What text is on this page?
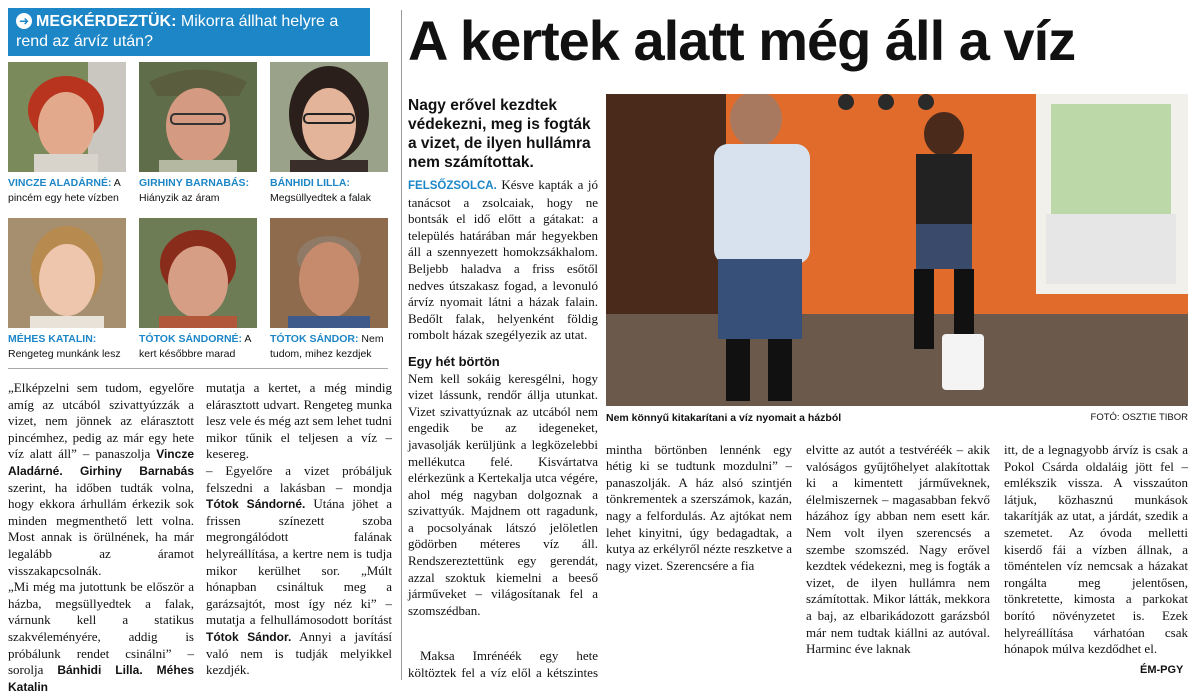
➜ MEGKÉRDEZTÜK: Mikorra állhat helyre a rend az árvíz után?
VINCZE ALADÁRNÉ: A pincém egy hete vízben
GIRHINY BARNABÁS: Hiányzik az áram
BÁNHIDI LILLA: Megsüllyedtek a falak
MÉHES KATALIN: Rengeteg munkánk lesz
TÓTOK SÁNDORNÉ: A kert későbbre marad
TÓTOK SÁNDOR: Nem tudom, mihez kezdjek

„Elképzelni sem tudom, egyelőre amíg az utcából szivattyúzzák a vizet, nem jönnek az elárasztott pincémhez, pedig az már egy hete víz alatt áll” – panaszolja Vincze Aladárné. Girhiny Barnabás szerint, ha időben tudták volna, hogy ekkora árhullám érkezik sok minden megmenthető lett volna. Most annak is örülnének, ha már legalább az áramot visszakapcsolnák.

„Mi még ma jutottunk be először a házba, megsüllyedtek a falak, várnunk kell a statikus szakvéleményére, addig is próbálunk rendet csinálni” – sorolja Bánhidi Lilla. Méhes Katalin

mutatja a kertet, a még mindig elárasztott udvart. Rengeteg munka lesz vele és még azt sem lehet tudni mikor tűnik el teljesen a víz – kesereg.

– Egyelőre a vizet próbáljuk felszedni a lakásban – mondja Tótok Sándorné. Utána jöhet a frissen színezett szoba megrongálódott falának helyreállítása, a kertre nem is tudja mikor kerülhet sor. „Múlt hónapban csináltuk meg a garázsajtót, most így néz ki” – mutatja a felhullámosodott borítást Tótok Sándor. Annyi a javításí való nem is tudják melyikkel kezdjék.

A kertek alatt még áll a víz
Nagy erővel kezdtek védekezni, meg is fogták a vizet, de ilyen hullámra nem számítottak.

FELSŐZSOLCA. Késve kapták a jó tanácsot a zsolcaiak, hogy ne bontsák el idő előtt a gátakat: a település határában már hegyekben áll a szennyezett homokzsákhalom. Beljebb haladva a friss esőtől nedves útszakasz fogad, a levonuló árvíz nyomait látni a házak falain. Bedőlt falak, helyenként földig rombolt házak szegélyezik az utat.

Egy hét börtön

Nem kell sokáig keresgélni, hogy vizet lássunk, rendőr állja utunkat. Vizet szivattyúznak az utcából nem engedik be az idegeneket, javasolják kerüljünk a legközelebbi mellékutca felé. Kisvártatva elérkezünk a Kertekalja utca végére, ahol még nagyban dolgoznak a szivattyúk. Majdnem ott ragadunk, a pocsolyának látszó jelöletlen gödörben méteres víz áll. Rendszereztettünk egy gerendát, azzal szoktuk kiemelni a beeső járműveket – világosítanak fel a szomszédban.

Maksa Imrénéék egy hete költöztek fel a víz elől a kétszintes

Nem könnyű kitakarítani a víz nyomait a házból	FOTÓ: OSZTIE TIBOR

mintha börtönben lennénk egy hétig ki se tudtunk mozdulni” – panaszolják. A ház alsó szintjén tönkrementek a szerszámok, kazán, nagy a felfordulás. Az ajtókat nem lehet kinyitni, úgy bedagadtak, a kutya az erkélyről nézte reszketve a nagy vizet. Szerencsére a fia

elvitte az autót a testvéréék – akik valóságos gyűjtőhelyet alakítottak ki a kimentett járműveknek, élelmiszernek – magasabban fekvő házához így abban nem esett kár. Nem volt ilyen szerencsés a szembe szomszéd. Nagy erővel kezdtek védekezni, meg is fogták a vizet, de ilyen hullámra nem számítottak. Mikor látták, mekkora a baj, az elbarikádozott garázsból már nem tudtak kiállni az autóval. Harminc éve laknak

itt, de a legnagyobb árvíz is csak a Pokol Csárda oldaláig jött fel – emlékszik vissza. A visszaúton látjuk, közhasznú munkások takarítják az utat, a járdát, szedik a szemetet. Az óvoda melletti kiserdő fái a vízben állnak, a töméntelen víz nemcsak a házakat rongálta meg jelentősen, tönkretette, kimosta a parkokat borító növényzetet is. Ezek helyreállítása várhatóan csak hónapok múlva kezdődhet el.

ÉM-PGY
